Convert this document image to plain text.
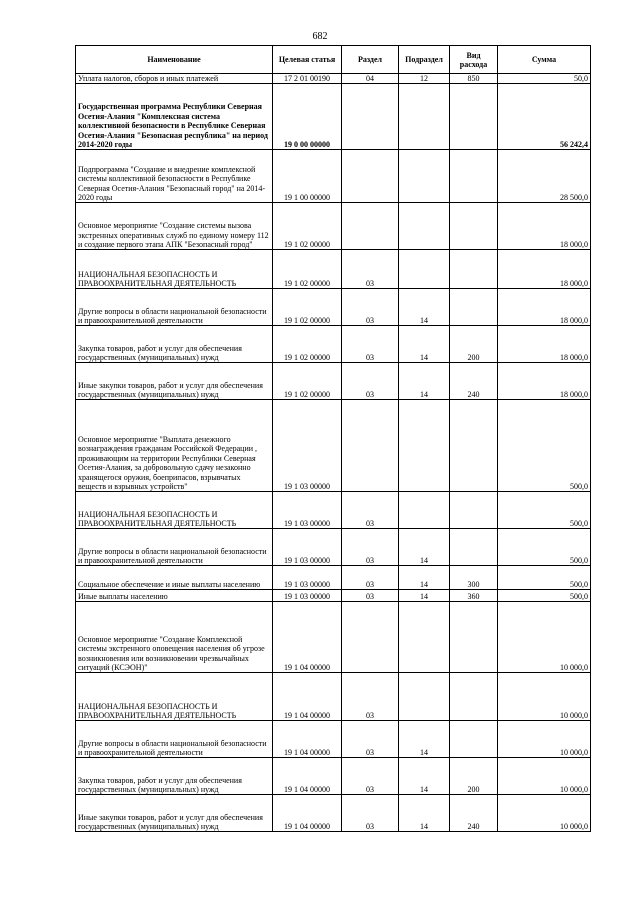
682
Наименование	Целевая статья	Раздел	Подраздел	Вид расхода	Сумма
Уплата налогов, сборов и иных платежей	17 2 01 00190	04	12	850	50,0
Государственная программа Республики Северная Осетия-Алания "Комплексная система коллективной безопасности в Республике Северная Осетия-Алания "Безопасная республика" на период 2014-2020 годы	19 0 00 00000				56 242,4
Подпрограмма "Создание и внедрение комплексной системы коллективной безопасности в Республике Северная Осетия-Алания "Безопасный город" на 2014-2020 годы	19 1 00 00000				28 500,0
Основное мероприятие "Создание системы вызова экстренных оперативных служб по единому номеру 112 и создание первого этапа АПК "Безопасный город"	19 1 02 00000				18 000,0
НАЦИОНАЛЬНАЯ БЕЗОПАСНОСТЬ И ПРАВООХРАНИТЕЛЬНАЯ ДЕЯТЕЛЬНОСТЬ	19 1 02 00000	03			18 000,0
Другие вопросы в области национальной безопасности и правоохранительной деятельности	19 1 02 00000	03	14		18 000,0
Закупка товаров, работ и услуг для обеспечения государственных (муниципальных) нужд	19 1 02 00000	03	14	200	18 000,0
Иные закупки товаров, работ и услуг для обеспечения государственных (муниципальных) нужд	19 1 02 00000	03	14	240	18 000,0
Основное мероприятие "Выплата денежного вознаграждения гражданам Российской Федерации , проживающим на территории Республики Северная Осетия-Алания, за добровольную сдачу незаконно хранящегося оружия, боеприпасов, взрывчатых веществ и взрывных устройств"	19 1 03 00000				500,0
НАЦИОНАЛЬНАЯ БЕЗОПАСНОСТЬ И ПРАВООХРАНИТЕЛЬНАЯ ДЕЯТЕЛЬНОСТЬ	19 1 03 00000	03			500,0
Другие вопросы в области национальной безопасности и правоохранительной деятельности	19 1 03 00000	03	14		500,0
Социальное обеспечение и иные выплаты населению	19 1 03 00000	03	14	300	500,0
Иные выплаты населению	19 1 03 00000	03	14	360	500,0
Основное мероприятие "Создание Комплексной системы экстренного оповещения населения об угрозе возникновения или возникновении чрезвычайных ситуаций (КСЭОН)"	19 1 04 00000				10 000,0
НАЦИОНАЛЬНАЯ БЕЗОПАСНОСТЬ И ПРАВООХРАНИТЕЛЬНАЯ ДЕЯТЕЛЬНОСТЬ	19 1 04 00000	03			10 000,0
Другие вопросы в области национальной безопасности и правоохранительной деятельности	19 1 04 00000	03	14		10 000,0
Закупка товаров, работ и услуг для обеспечения государственных (муниципальных) нужд	19 1 04 00000	03	14	200	10 000,0
Иные закупки товаров, работ и услуг для обеспечения государственных (муниципальных) нужд	19 1 04 00000	03	14	240	10 000,0
